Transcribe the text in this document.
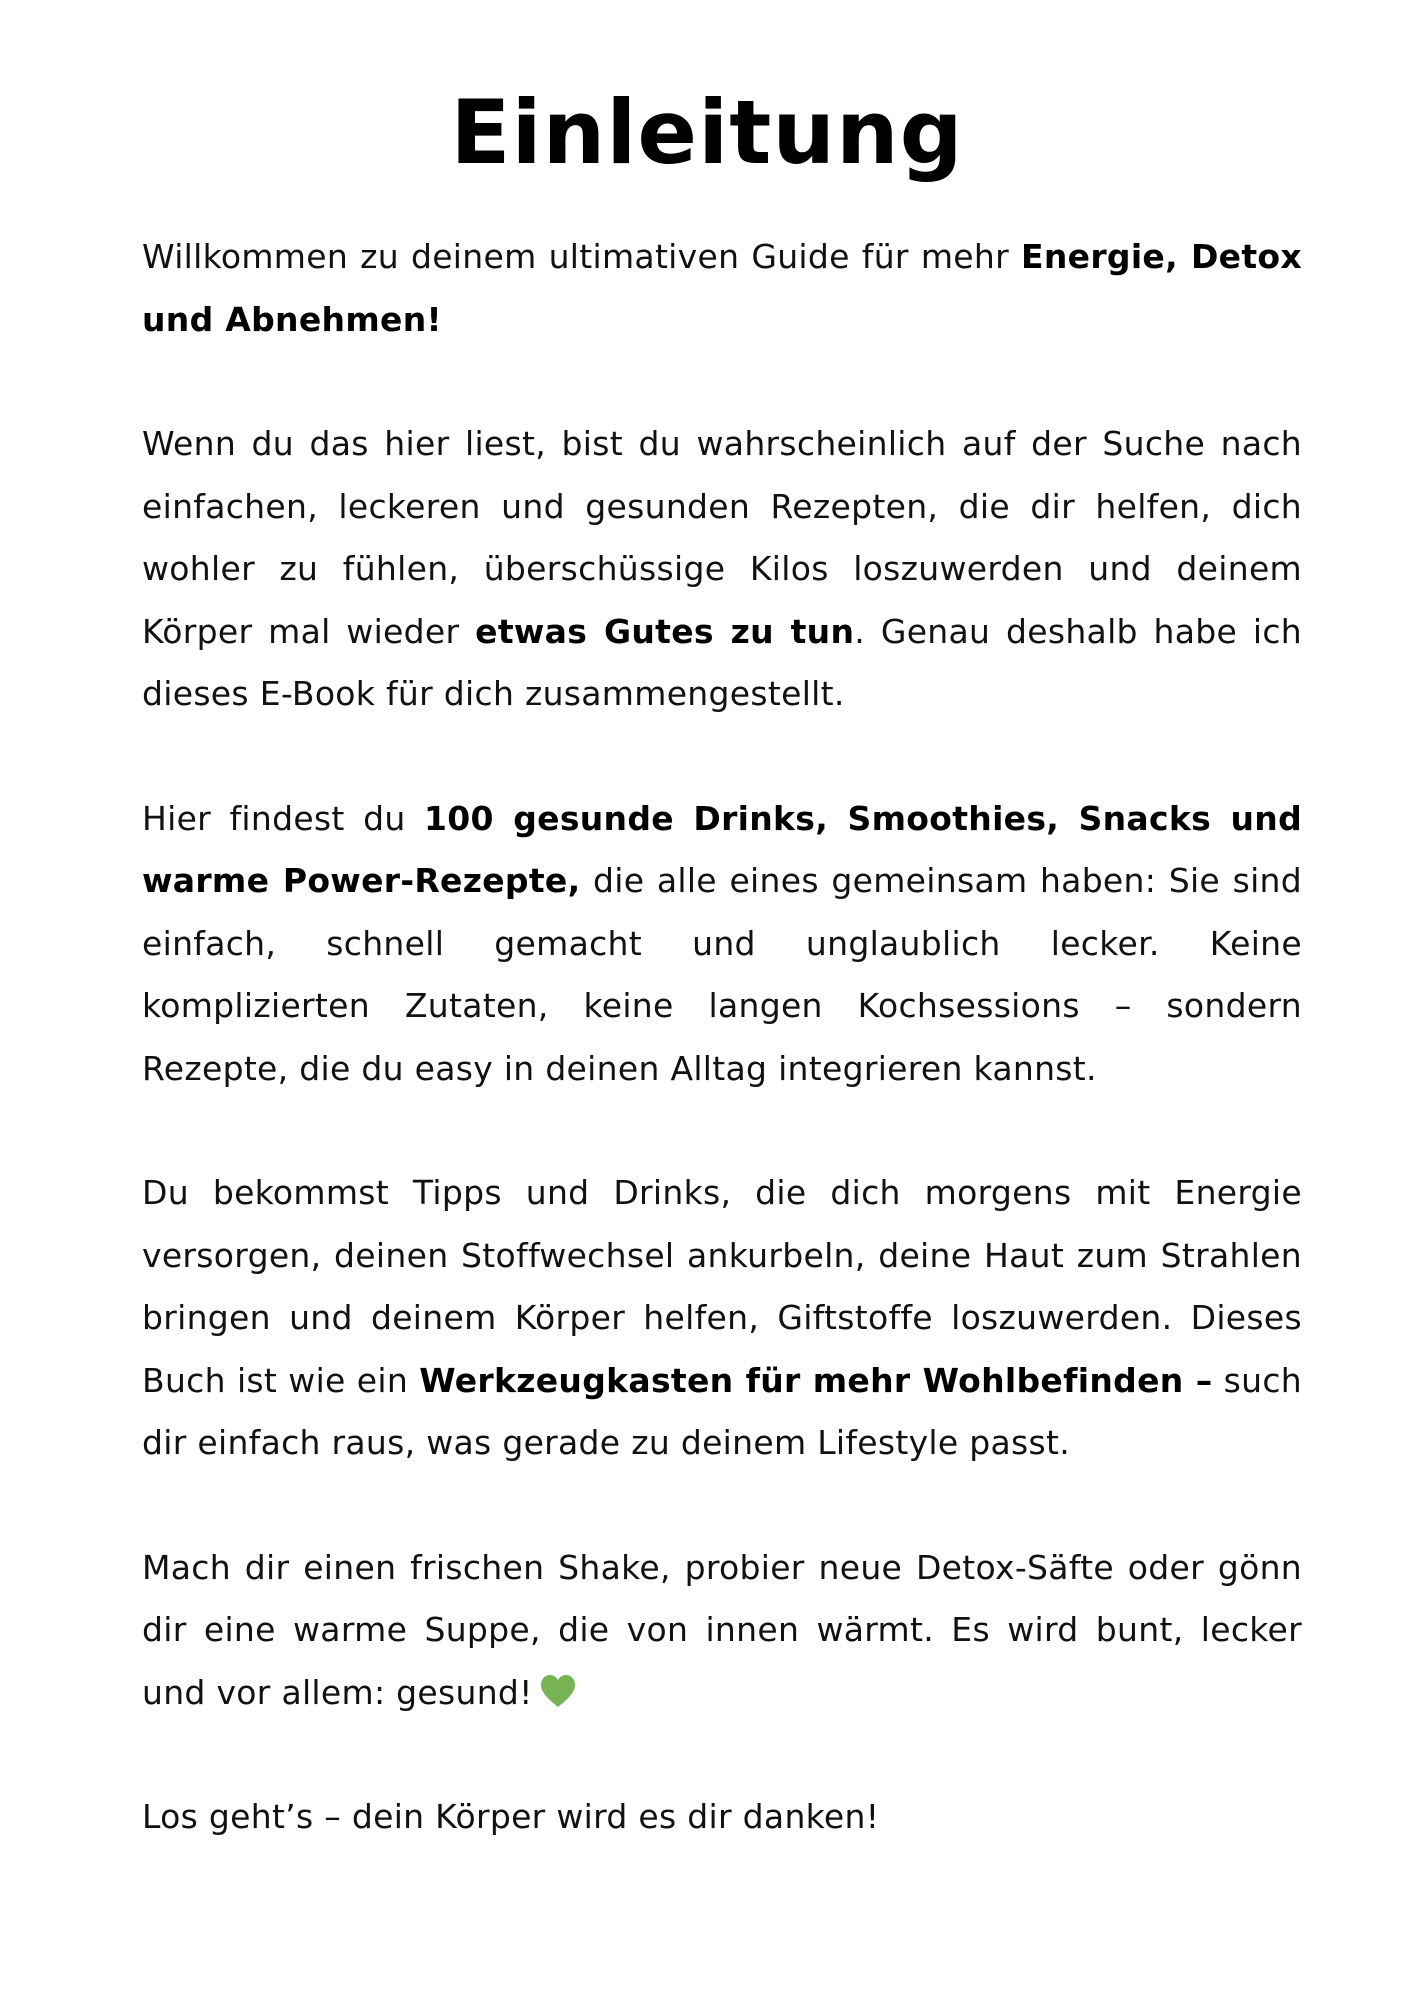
Einleitung

Willkommen zu deinem ultimativen Guide für mehr Energie, Detox und Abnehmen!

Wenn du das hier liest, bist du wahrscheinlich auf der Suche nach einfachen, leckeren und gesunden Rezepten, die dir helfen, dich wohler zu fühlen, überschüssige Kilos loszuwerden und deinem Körper mal wieder etwas Gutes zu tun. Genau deshalb habe ich dieses E-Book für dich zusammengestellt.

Hier findest du 100 gesunde Drinks, Smoothies, Snacks und warme Power-Rezepte, die alle eines gemeinsam haben: Sie sind einfach, schnell gemacht und unglaublich lecker. Keine komplizierten Zutaten, keine langen Kochsessions – sondern Rezepte, die du easy in deinen Alltag integrieren kannst.

Du bekommst Tipps und Drinks, die dich morgens mit Energie versorgen, deinen Stoffwechsel ankurbeln, deine Haut zum Strahlen bringen und deinem Körper helfen, Giftstoffe loszuwerden. Dieses Buch ist wie ein Werkzeugkasten für mehr Wohlbefinden – such dir einfach raus, was gerade zu deinem Lifestyle passt.

Mach dir einen frischen Shake, probier neue Detox-Säfte oder gönn dir eine warme Suppe, die von innen wärmt. Es wird bunt, lecker und vor allem: gesund!

Los geht’s – dein Körper wird es dir danken!
